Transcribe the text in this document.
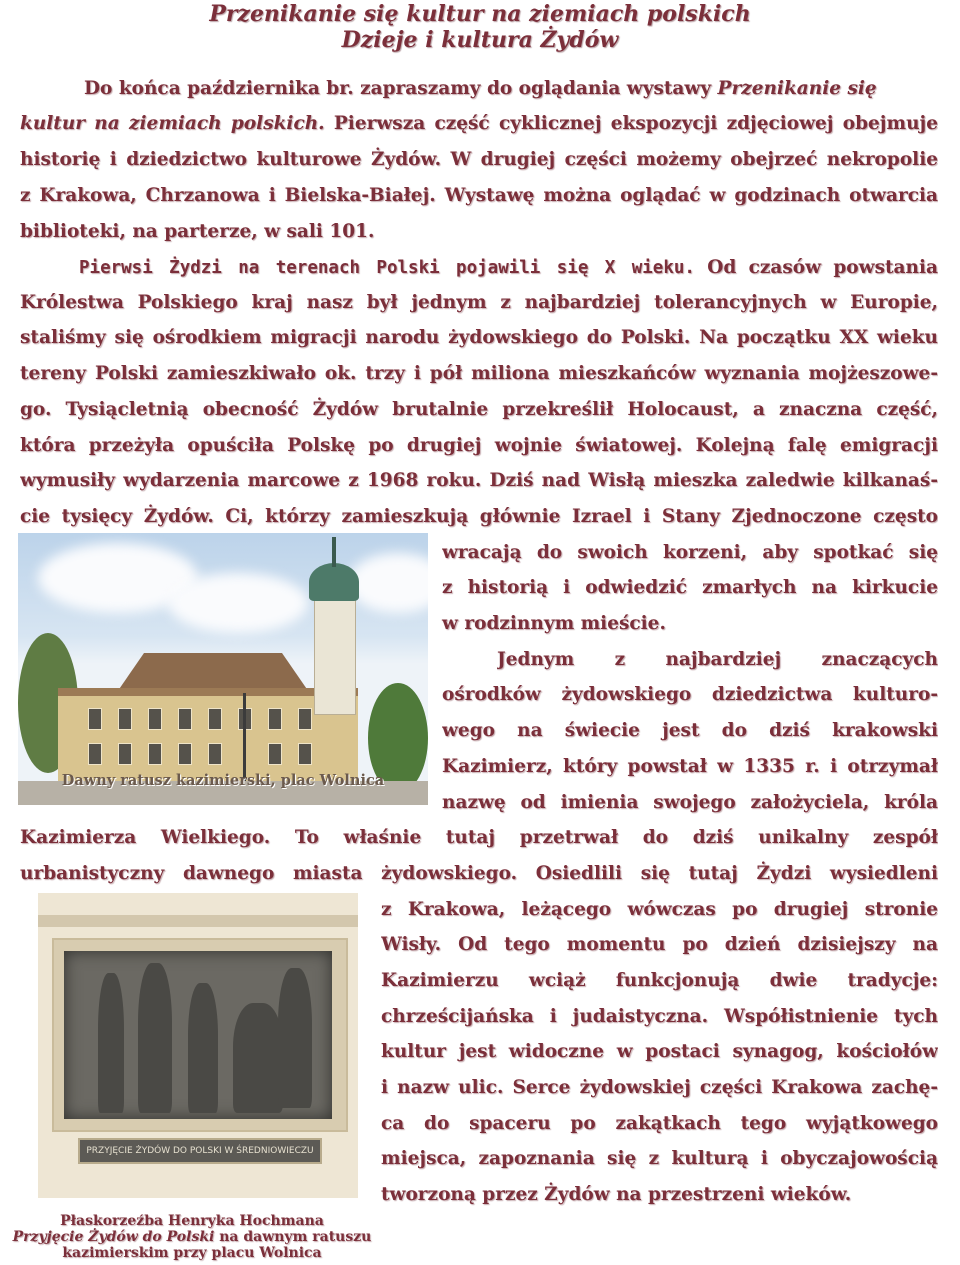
Przenikanie się kultur na ziemiach polskich
Dzieje i kultura Żydów
Do końca października br. zapraszamy do oglądania wystawy Przenikanie się
kultur na ziemiach polskich. Pierwsza część cyklicznej ekspozycji zdjęciowej obejmuje
historię i dziedzictwo kulturowe Żydów. W drugiej części możemy obejrzeć nekropolie
z Krakowa, Chrzanowa i Bielska-Białej. Wystawę można oglądać w godzinach otwarcia
biblioteki, na parterze, w sali 101.
Pierwsi Żydzi na terenach Polski pojawili się X wieku. Od czasów powstania
Królestwa Polskiego kraj nasz był jednym z najbardziej tolerancyjnych w Europie,
staliśmy się ośrodkiem migracji narodu żydowskiego do Polski. Na początku XX wieku
tereny Polski zamieszkiwało ok. trzy i pół miliona mieszkańców wyznania mojżeszowe-
go. Tysiącletnią obecność Żydów brutalnie przekreślił Holocaust, a znaczna część,
która przeżyła opuściła Polskę po drugiej wojnie światowej. Kolejną falę emigracji
wymusiły wydarzenia marcowe z 1968 roku. Dziś nad Wisłą mieszka zaledwie kilkanaś-
cie tysięcy Żydów. Ci, którzy zamieszkują głównie Izrael i Stany Zjednoczone często
wracają do swoich korzeni, aby spotkać się
z historią i odwiedzić zmarłych na kirkucie
w rodzinnym mieście.
Dawny ratusz kazimierski, plac Wolnica
Jednym z najbardziej znaczących
ośrodków żydowskiego dziedzictwa kulturo-
wego na świecie jest do dziś krakowski
Kazimierz, który powstał w 1335 r. i otrzymał
nazwę od imienia swojego założyciela, króla
Kazimierza Wielkiego. To właśnie tutaj przetrwał do dziś unikalny zespół
urbanistyczny dawnego miasta żydowskiego. Osiedlili się tutaj Żydzi wysiedleni
z Krakowa, leżącego wówczas po drugiej stronie
Wisły. Od tego momentu po dzień dzisiejszy na
Kazimierzu wciąż funkcjonują dwie tradycje:
chrześcijańska i judaistyczna. Współistnienie tych
kultur jest widoczne w postaci synagog, kościołów
i nazw ulic. Serce żydowskiej części Krakowa zachę-
ca do spaceru po zakątkach tego wyjątkowego
miejsca, zapoznania się z kulturą i obyczajowością
tworzoną przez Żydów na przestrzeni wieków.
PRZYJĘCIE ŻYDÓW DO POLSKI W ŚREDNIOWIECZU
Płaskorzeźba Henryka Hochmana
Przyjęcie Żydów do Polski na dawnym ratuszu
kazimierskim przy placu Wolnica
